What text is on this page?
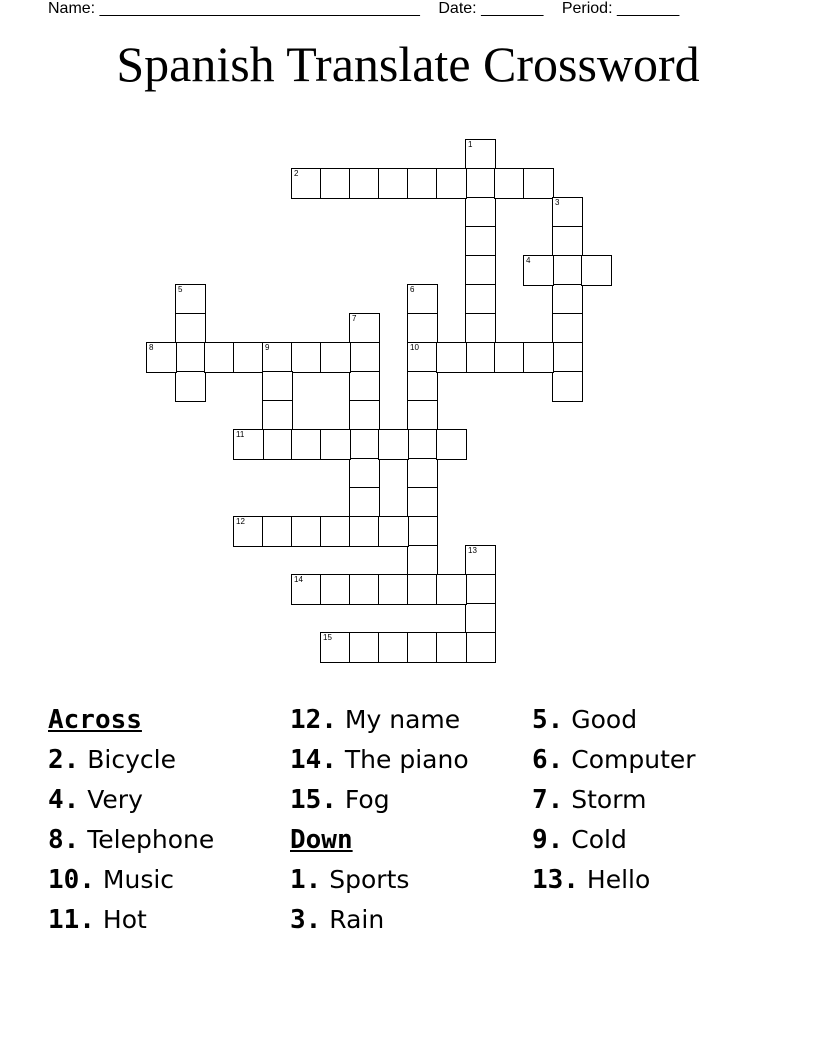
Name: ____________________________________ Date: _______ Period: _______
Spanish Translate Crossword
1
2
3
4
5	6
10
7
8	9
11
12
13
14
15
Across
2. Bicycle
4. Very
8. Telephone
10. Music
11. Hot
12. My name
14. The piano
15. Fog
Down
1. Sports
3. Rain
5. Good
6. Computer
7. Storm
9. Cold
13. Hello
